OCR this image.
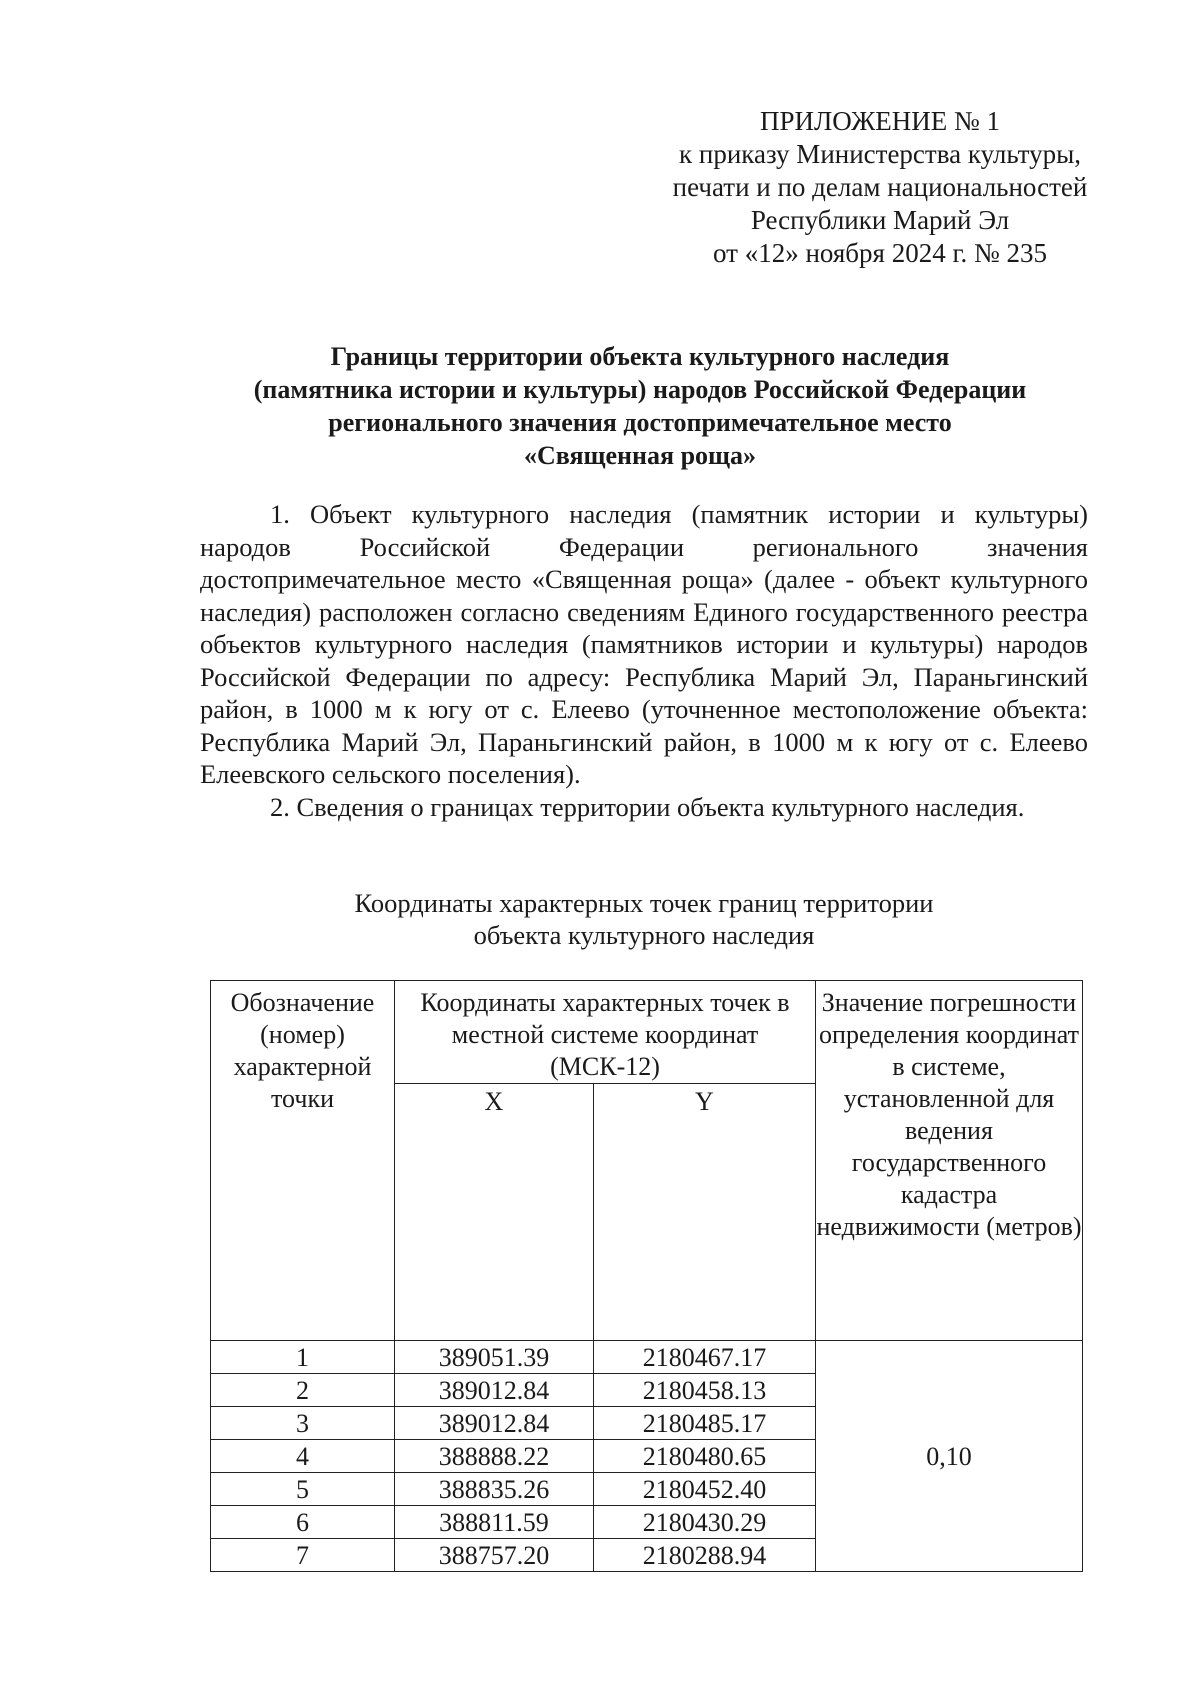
ПРИЛОЖЕНИЕ № 1
к приказу Министерства культуры,
печати и по делам национальностей
Республики Марий Эл
от «12» ноября 2024 г. № 235
Границы территории объекта культурного наследия
(памятника истории и культуры) народов Российской Федерации
регионального значения достопримечательное место
«Священная роща»

1. Объект культурного наследия (памятник истории и культуры) народов Российской Федерации регионального значения достопримечательное место «Священная роща» (далее - объект культурного наследия) расположен согласно сведениям Единого государственного реестра объектов культурного наследия (памятников истории и культуры) народов Российской Федерации по адресу: Республика Марий Эл, Параньгинский район, в 1000 м к югу от с. Елеево (уточненное местоположение объекта: Республика Марий Эл, Параньгинский район, в 1000 м к югу от с. Елеево Елеевского сельского поселения).

2. Сведения о границах территории объекта культурного наследия.

Координаты характерных точек границ территории
объекта культурного наследия
Обозначение (номер) характерной точки	Координаты характерных точек в местной системе координат (МСК-12)		Значение погрешности определения координат в системе, установленной для ведения государственного кадастра недвижимости (метров)
	X	Y	
1	389051.39	2180467.17	0,10
2	389012.84	2180458.13	
3	389012.84	2180485.17	
4	388888.22	2180480.65	
5	388835.26	2180452.40	
6	388811.59	2180430.29	
7	388757.20	2180288.94	
